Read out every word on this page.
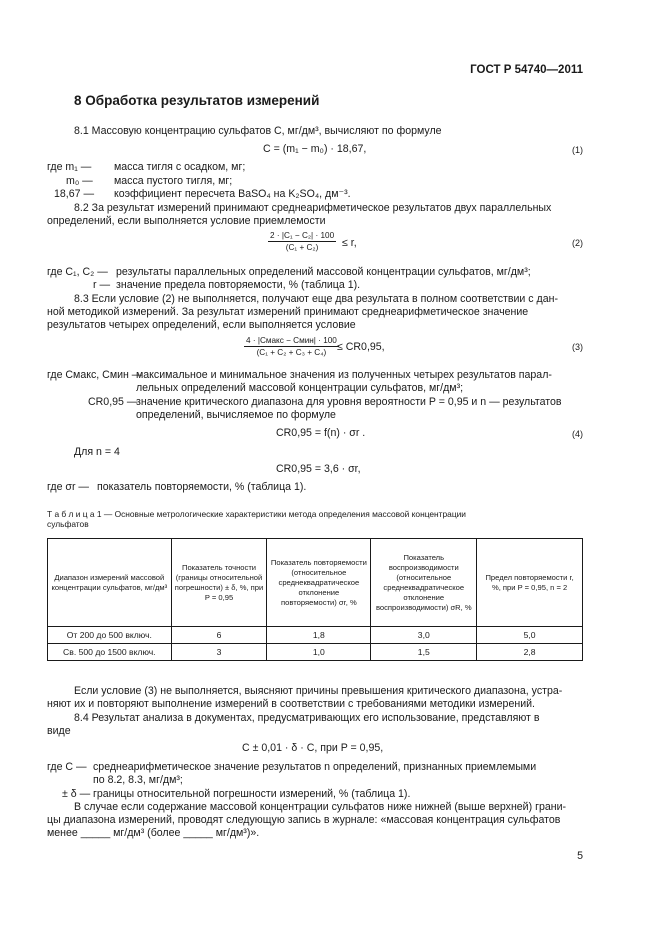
ГОСТ Р 54740—2011
8 Обработка результатов измерений
8.1 Массовую концентрацию сульфатов C, мг/дм³, вычисляют по формуле
C = (m₁ − m₀) · 18,67,	(1)
где m₁ — масса тигля с осадком, мг;
m₀ — масса пустого тигля, мг;
18,67 — коэффициент пересчета BaSO₄ на K₂SO₄, дм⁻³.
8.2 За результат измерений принимают среднеарифметическое результатов двух параллельных
определений, если выполняется условие приемлемости
$\frac{\text{2 · |C₁ − C₂| · 100}}{\text{(C₁ + C₂)}} \le r$,	(2)
где C₁, C₂ — результаты параллельных определений массовой концентрации сульфатов, мг/дм³;
r — значение предела повторяемости, % (таблица 1).
8.3 Если условие (2) не выполняется, получают еще два результата в полном соответствии с дан-
ной методикой измерений. За результат измерений принимают среднеарифметическое значение
результатов четырех определений, если выполняется условие
4 · |Cмакс − Cмин| · 100
(C₁ + C₂ + C₃ + C₄)	≤ CR0,95,	(3)
где Cмакс, Cмин —
максимальное и минимальное значения из полученных четырех результатов парал-
лельных определений массовой концентрации сульфатов, мг/дм³;
CR0,95 —
значение критического диапазона для уровня вероятности P = 0,95 и n — результатов
определений, вычисляемое по формуле
CR0,95 = f(n) · σr .	(4)
Для n = 4
CR0,95 = 3,6 · σr,
где σr — показатель повторяемости, % (таблица 1).
Т а б л и ц а 1 — Основные метрологические характеристики метода определения массовой концентрации
сульфатов
Диапазон измерений массовой концентрации сульфатов, мг/дм³	Показатель точности (границы относительной погрешности) ± δ, %, при P = 0,95	Показатель повторяемости (относительное среднеквадратическое отклонение повторяемости) σr, %	Показатель воспроизводимости (относительное среднеквадратическое отклонение воспроизводимости) σR, %	Предел повторяемости r, %, при P = 0,95, n = 2
От 200 до 500 включ.	6	1,8	3,0	5,0
Св. 500 до 1500 включ.	3	1,0	1,5	2,8
Если условие (3) не выполняется, выясняют причины превышения критического диапазона, устра-
няют их и повторяют выполнение измерений в соответствии с требованиями методики измерений.
8.4 Результат анализа в документах, предусматривающих его использование, представляют в
виде
C ± 0,01 · δ · C, при P = 0,95,
где C — среднеарифметическое значение результатов n определений, признанных приемлемыми
по 8.2, 8.3, мг/дм³;
± δ — границы относительной погрешности измерений, % (таблица 1).
В случае если содержание массовой концентрации сульфатов ниже нижней (выше верхней) грани-
цы диапазона измерений, проводят следующую запись в журнале: «массовая концентрация сульфатов
менее _____ мг/дм³ (более _____ мг/дм³)».
5
